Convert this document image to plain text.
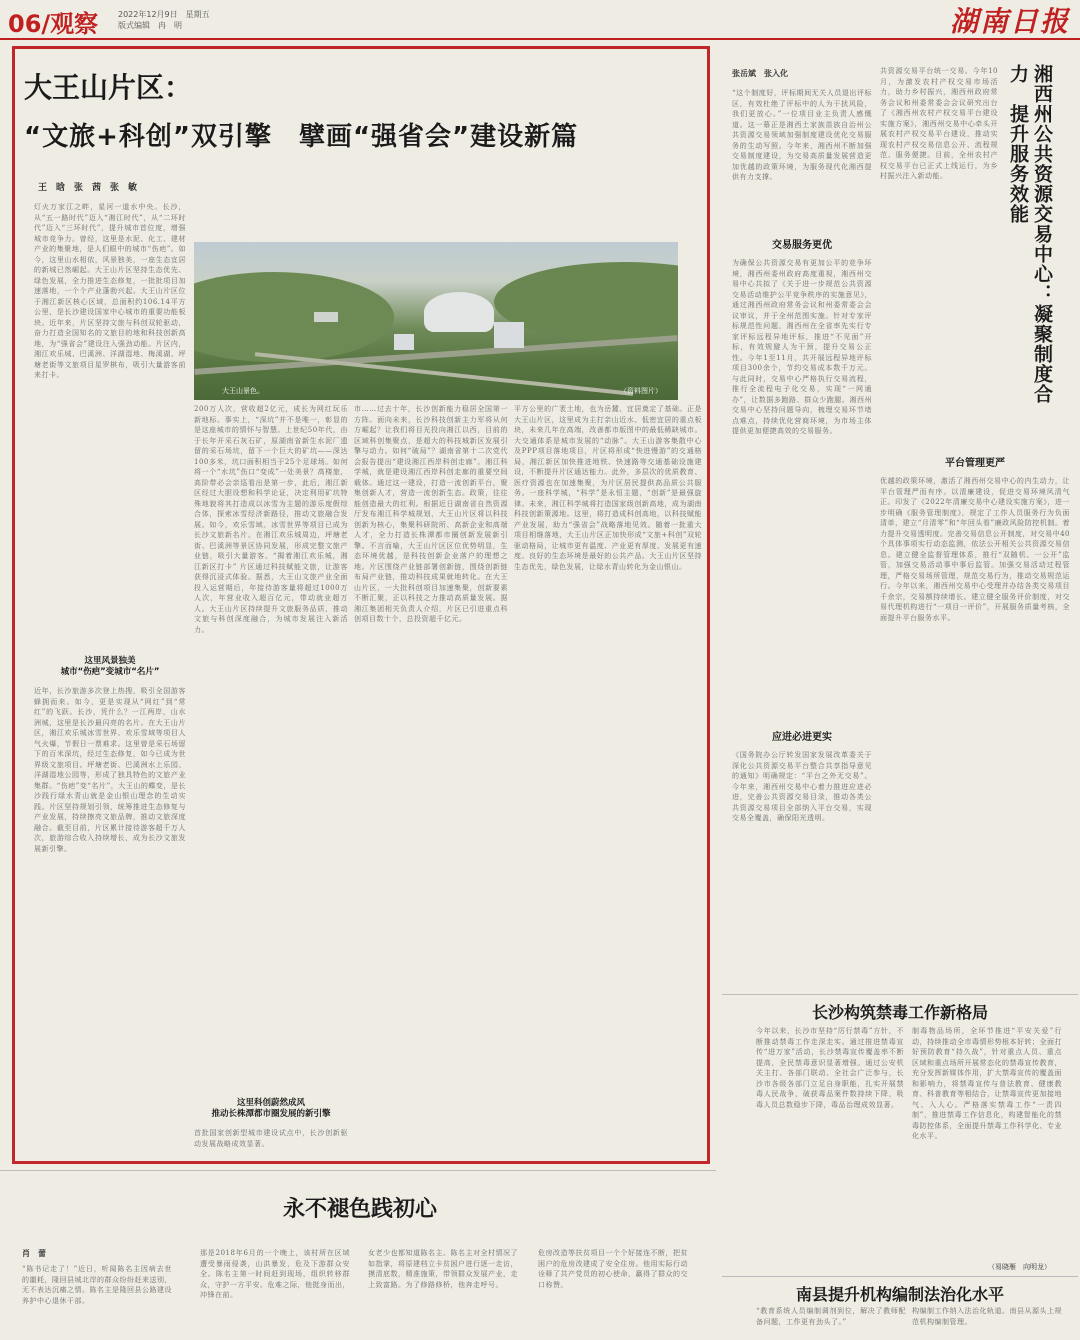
06/观察 2022年12月9日　星期五
版式编辑　冉　明	湖南日报
大王山片区：
“文旅+科创”双引擎　擘画“强省会”建设新篇
王　晗　张　茜　张　敏
大王山景色。	（资料图片）
灯火万家江之畔，星河一道水中央。长沙，从“五一路时代”迈入“湘江时代”，从“二环时代”迈入“三环时代”，提升城市首位度，增强城市竞争力。曾经，这里是水泥、化工、建材产业的集聚地，是人们眼中的城市“伤疤”。如今，这里山水相依，风景独美，一座生态宜居的新城已然崛起。大王山片区坚持生态优先、绿色发展，全力推进生态修复，一批批项目加速落地，一个个产业蓬勃兴起。大王山片区位于湘江新区核心区域，总面积约106.14平方公里，是长沙建设国家中心城市的重要功能板块。近年来，片区坚持文旅与科创双轮驱动，奋力打造全国知名的文旅目的地和科技创新高地，为“强省会”建设注入强劲动能。片区内，湘江欢乐城、巴溪洲、洋湖湿地、梅溪湖、坪塘老街等文旅项目星罗棋布，吸引大量游客前来打卡。
这里风景独美
城市“伤疤”变城市“名片”
近年，长沙旅游多次登上热搜，吸引全国游客蜂拥而来。如今，更是实现从“网红”到“常红”的飞跃。长沙，凭什么？一江两岸，山水洲城，这里是长沙最闪亮的名片。在大王山片区，湘江欢乐城冰雪世界、欢乐雪域等项目人气火爆，节假日一票难求。这里曾是采石场留下的百米深坑，经过生态修复，如今已成为世界级文旅项目。坪塘老街、巴溪洲水上乐园、洋湖湿地公园等，形成了独具特色的文旅产业集群。“伤疤”变“名片”，大王山的蝶变，是长沙践行绿水青山就是金山银山理念的生动实践。片区坚持规划引领，统筹推进生态修复与产业发展，持续擦亮文旅品牌，推动文旅深度融合。截至目前，片区累计接待游客超千万人次，旅游综合收入持续增长，成为长沙文旅发展新引擎。
200万人次，营收超2亿元，成长为网红玩乐新地标。事实上，“深坑”并不是唯一，彰显的是这座城市的情怀与智慧。上世纪50年代，由于长年开采石灰石矿，原湖南省新生水泥厂遗留的采石场坑，留下一个巨大的矿坑——深达100多米，坑口面积相当于25个足球场。如何将一个“水坑”伤口“变成”一处美景？高楼旅，高阶带必会亲巡看出是第一步，此后，湘江新区经过大胆设想和科学论证，决定利用矿坑特殊地貌将其打造成以冰雪为主题的游乐度假综合体，探索冰雪经济新路径，推动文旅融合发展。如今，欢乐雪域、冰雪世界等项目已成为长沙文旅新名片。在湘江欢乐城周边，坪塘老街、巴溪洲等景区协同发展，形成完整文旅产业链，吸引大量游客。“揭着湘江欢乐城，湘江新区打卡” 片区通过科技赋能文旅，让游客获得沉浸式体验。据悉，大王山文旅产业全面投入运营期后，年接待游客量将超过1000万人次，年营业收入超百亿元，带动就业超万人。大王山片区持续提升文旅服务品质，推动文旅与科创深度融合，为城市发展注入新活力。
这里科创蔚然成风
推动长株潭都市圈发展的新引擎
首批国家创新型城市建设试点中，长沙创新驱动发展战略成效显著。
市……过去十年，长沙创新能力稳居全国第一方阵。面向未来，长沙科技创新主力军将从何方崛起？让我们将目光投向湘江以西，目前的区域科创集聚点，是超大的科技城新区发展引擎与动力。如何“破局”？湖南省第十二次党代会报告提出“建设湘江西岸科创走廊”。湘江科学城，就是建设湘江西岸科创走廊的重要空间载体。通过这一建设，打造一流创新平台，聚集创新人才，营造一流创新生态。政策，往往能创造最大的红利。根据近日湖南省自然资源厅发布湘江科学城规划，大王山片区将以科技创新为核心，集聚科研院所、高新企业和高端人才，全力打造长株潭都市圈创新发展新引擎。不言而喻，大王山片区区位优势明显，生态环境优越，是科技创新企业落户的理想之地。片区围绕产业链部署创新链，围绕创新链布局产业链，推动科技成果就地转化。在大王山片区，一大批科创项目加速集聚，创新要素不断汇聚，正以科技之力推动高质量发展。据湘江集团相关负责人介绍，片区已引进重点科创项目数十个，总投资超千亿元。
平方公里的广袤土地，也为岳麓、宜居奠定了基础。正是大王山片区，这里成为主打亲山近水、低密宜居的重点板块，未来几年在高端，改善都市版图中的最低稀缺城市。大交通体系是城市发展的“动脉”。大王山游客集散中心及PPP项目落地项目，片区将形成“快进慢游”的交通格局，湘江新区加快推进地铁、快速路等交通基础设施建设，不断提升片区通达能力。此外，多层次的优质教育、医疗资源也在加速集聚，为片区居民提供高品质公共服务。一座科学城，“科学”是永恒主题，“创新”是最强旋律。未来，湘江科学城将打造国家级创新高地，成为湖南科技创新策源地。这里，将打造成科创高地，以科技赋能产业发展，助力“强省会”战略落地见效。随着一批重大项目相继落地，大王山片区正加快形成“文旅+科创”双轮驱动格局，让城市更有温度、产业更有厚度、发展更有速度。良好的生态环境是最好的公共产品。大王山片区坚持生态优先，绿色发展，让绿水青山转化为金山银山。
张岳斌　张入化
“这个制度好，评标期间无关人员退出评标区，有效杜绝了评标中的人为干扰风险，我们更放心。”一位项目业主负责人感慨道。这一幕正是湘西土家族苗族自治州公共资源交易领域加强制度建设优化交易服务的生动写照。今年来，湘西州不断加强交易制度建设，为交易高质量发展营造更加优越的政策环境，为服务现代化湘西提供有力支撑。
交易服务更优
为确保公共资源交易有更加公平的竞争环境，湘西州委州政府高度重视，湘西州交易中心共拟了《关于进一步规范公共资源交易活动维护公平竞争秩序的实施意见》，通过湘西州政府常务会议和州委常委会会议审议，并于全州范围实施。针对专家评标规范性问题，湘西州在全省率先实行专家评标远程异地评标，推进“不见面”开标，有效规避人为干预，提升交易公正性。今年1至11月，共开展远程异地评标项目300余个，节约交易成本数千万元。与此同时，交易中心严格执行交易流程，推行全流程电子化交易，实现“一网通办”，让数据多跑路、群众少跑腿。湘西州交易中心坚持问题导向，梳理交易环节堵点难点，持续优化营商环境，为市场主体提供更加便捷高效的交易服务。
应进必进更实
《国务院办公厅转发国家发展改革委关于深化公共资源交易平台整合共享指导意见的通知》明确规定：“平台之外无交易”。今年来，湘西州交易中心着力推进应进必进，完善公共资源交易目录，推动各类公共资源交易项目全部纳入平台交易，实现交易全覆盖，确保阳光透明。
共资源交易平台统一交易。今年10月，为激发农村产权交易市场活力，助力乡村振兴，湘西州政府常务会议和州委常委会会议研究出台了《湘西州农村产权交易平台建设实施方案》，湘西州交易中心牵头开展农村产权交易平台建设，推动实现农村产权交易信息公开、流程规范、服务便捷。目前，全州农村产权交易平台已正式上线运行，为乡村振兴注入新动能。	湘西州公共资源交易中心：凝聚制度合力　提升服务效能
平台管理更严
优越的政策环境，激活了湘西州交易中心的内生动力，让平台管理严而有序。以清廉建设，促进交易环境风清气正。印发了《2022年清廉交易中心建设实施方案》，进一步明确《服务管理制度》，规定了工作人员服务行为负面清单，建立“月清零”和“年回头看”廉政风险防控机制。着力提升交易透明度。完善交易信息公开制度，对交易中40个具体事项实行动态监测，依法公开相关公共资源交易信息。建立健全监督管理体系，推行“双随机、一公开”监管，加强交易活动事中事后监管。加强交易活动过程管理，严格交易场所管理，规范交易行为，推动交易规范运行。今年以来，湘西州交易中心受理并办结各类交易项目千余宗，交易额持续增长。建立健全服务评价制度，对交易代理机构进行“一项目一评价”，开展服务质量考核，全面提升平台服务水平。
长沙构筑禁毒工作新格局
今年以来，长沙市坚持“厉行禁毒”方针，不断推动禁毒工作走深走实。通过推进禁毒宣传“进万家”活动，长沙禁毒宣传覆盖率不断提高，全民禁毒意识显著增强。通过公安机关主打、各部门联动、全社会广泛参与，长沙市各级各部门立足自身职能，扎实开展禁毒人民战争，破获毒品案件数持续下降，吸毒人员总数稳步下降，毒品治理成效显著。
制毒物品场所，全环节推进“平安关爱”行动，持续推动全市毒情形势根本好转；全面打好预防教育“持久战”，针对重点人员、重点区域和重点场所开展常态化的禁毒宣传教育，充分发挥新媒体作用，扩大禁毒宣传的覆盖面和影响力，将禁毒宣传与普法教育、健康教育、科普教育等相结合，让禁毒宣传更加接地气、入人心。严格落实禁毒工作“一责四制”，推进禁毒工作信息化，构建智能化的禁毒防控体系，全面提升禁毒工作科学化、专业化水平。
（易晓雁　向明龙）
南县提升机构编制法治化水平
“教育系统人员编制调剂到位，解决了教师配备问题，工作更有劲头了。”
构编制工作纳入法治化轨道。南县从源头上规范机构编制管理。
永不褪色践初心
肖　蕾
“陈书记走了！”近日，听闻陈名主因病去世的噩耗，隆回县城北岸的群众纷纷赶来送别，无不表达沉痛之情。陈名主是隆回县公路建设养护中心退休干部。
那是2018年6月的一个晚上，该村所在区域遭受暴雨侵袭，山洪暴发，危及下游群众安全。陈名主第一时间赶到现场，组织转移群众，守护一方平安。危难之际，他挺身而出，冲锋在前。
女老少也都知道陈名主。陈名主对全村情况了如指掌，将原建档立卡贫困户进行逐一走访，摸清底数，精准施策，带领群众发展产业，走上致富路。为了修路修桥，他奔走呼号。
危房改造等扶贫项目一个个好接连不断，把贫困户的危房改建成了安全住房。他用实际行动诠释了共产党员的初心使命，赢得了群众的交口称赞。
